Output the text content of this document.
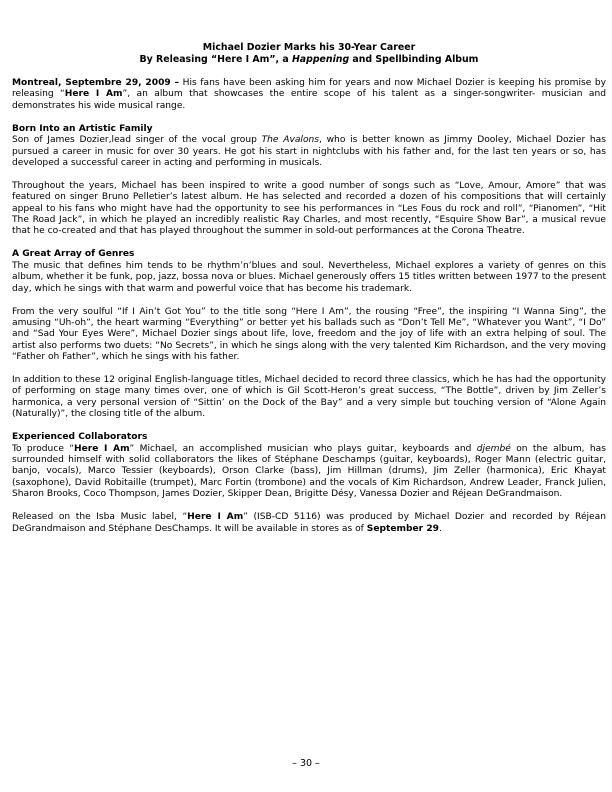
Michael Dozier Marks his 30-Year Career
By Releasing “Here I Am”, a Happening and Spellbinding Album

Montreal, Septembre 29, 2009 – His fans have been asking him for years and now Michael Dozier is keeping his promise by releasing “Here I Am”, an album that showcases the entire scope of his talent as a singer-songwriter- musician and demonstrates his wide musical range.

Born Into an Artistic Family
Son of James Dozier,lead singer of the vocal group The Avalons, who is better known as Jimmy Dooley, Michael Dozier has pursued a career in music for over 30 years. He got his start in nightclubs with his father and, for the last ten years or so, has developed a successful career in acting and performing in musicals.

Throughout the years, Michael has been inspired to write a good number of songs such as “Love, Amour, Amore” that was featured on singer Bruno Pelletier’s latest album. He has selected and recorded a dozen of his compositions that will certainly appeal to his fans who might have had the opportunity to see his performances in “Les Fous du rock and roll”, “Pianomen”, “Hit The Road Jack”, in which he played an incredibly realistic Ray Charles, and most recently, “Esquire Show Bar”, a musical revue that he co-created and that has played throughout the summer in sold-out performances at the Corona Theatre.

A Great Array of Genres
The music that defines him tends to be rhythm’n’blues and soul. Nevertheless, Michael explores a variety of genres on this album, whether it be funk, pop, jazz, bossa nova or blues. Michael generously offers 15 titles written between 1977 to the present day, which he sings with that warm and powerful voice that has become his trademark.

From the very soulful “If I Ain’t Got You” to the title song “Here I Am”, the rousing “Free”, the inspiring “I Wanna Sing”, the amusing “Uh-oh”, the heart warming “Everything” or better yet his ballads such as “Don’t Tell Me”, “Whatever you Want”, “I Do” and “Sad Your Eyes Were”, Michael Dozier sings about life, love, freedom and the joy of life with an extra helping of soul. The artist also performs two duets: “No Secrets”, in which he sings along with the very talented Kim Richardson, and the very moving “Father oh Father”, which he sings with his father.

In addition to these 12 original English-language titles, Michael decided to record three classics, which he has had the opportunity of performing on stage many times over, one of which is Gil Scott-Heron’s great success, “The Bottle”, driven by Jim Zeller’s harmonica, a very personal version of “Sittin’ on the Dock of the Bay” and a very simple but touching version of “Alone Again (Naturally)”, the closing title of the album.

Experienced Collaborators
To produce “Here I Am” Michael, an accomplished musician who plays guitar, keyboards and djembé on the album, has surrounded himself with solid collaborators the likes of Stéphane Deschamps (guitar, keyboards), Roger Mann (electric guitar, banjo, vocals), Marco Tessier (keyboards), Orson Clarke (bass), Jim Hillman (drums), Jim Zeller (harmonica), Eric Khayat (saxophone), David Robitaille (trumpet), Marc Fortin (trombone) and the vocals of Kim Richardson, Andrew Leader, Franck Julien, Sharon Brooks, Coco Thompson, James Dozier, Skipper Dean, Brigitte Désy, Vanessa Dozier and Réjean DeGrandmaison.

Released on the Isba Music label, “Here I Am” (ISB-CD 5116) was produced by Michael Dozier and recorded by Réjean DeGrandmaison and Stéphane DesChamps. It will be available in stores as of September 29.

– 30 –
